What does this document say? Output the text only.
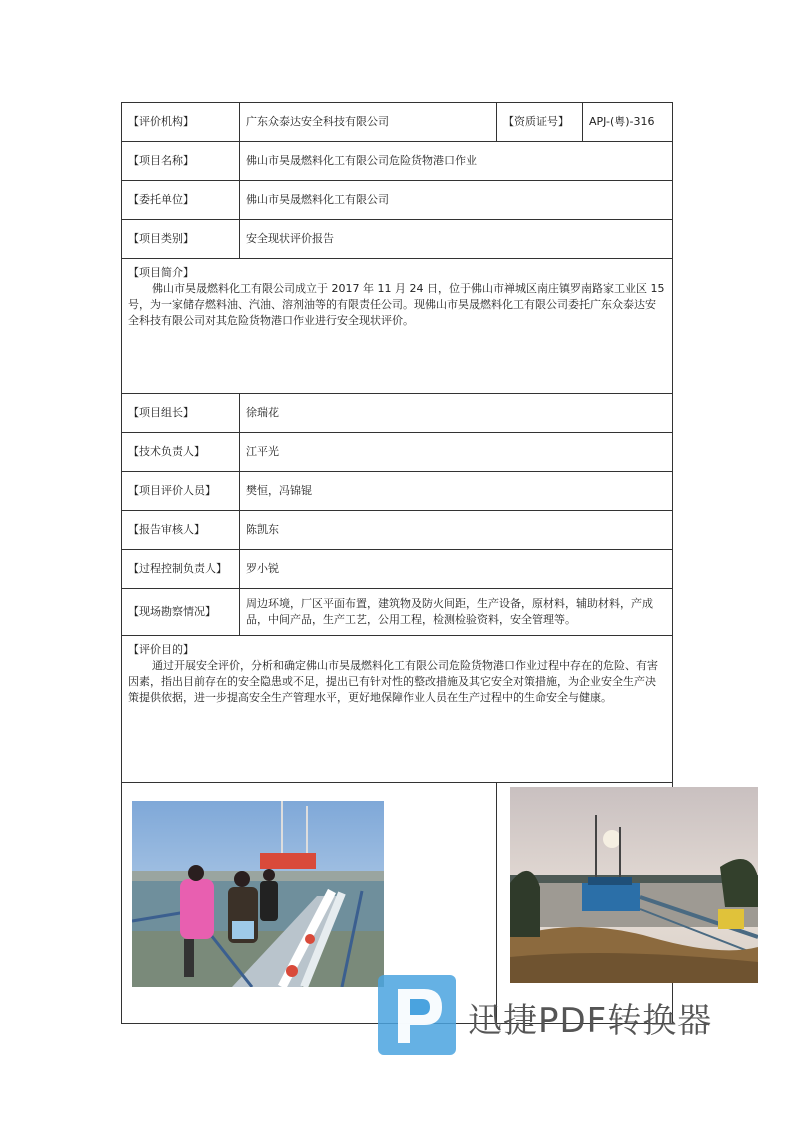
【评价机构】	广东众泰达安全科技有限公司	【资质证号】	APJ-(粤)-316
【项目名称】	佛山市昊晟燃料化工有限公司危险货物港口作业		
【委托单位】	佛山市昊晟燃料化工有限公司		
【项目类别】	安全现状评价报告		

【项目简介】

佛山市昊晟燃料化工有限公司成立于 2017 年 11 月 24 日，位于佛山市禅城区南庄镇罗南路家工业区 15 号，为一家储存燃料油、汽油、溶剂油等的有限责任公司。现佛山市昊晟燃料化工有限公司委托广东众泰达安全科技有限公司对其危险货物港口作业进行安全现状评价。			

【项目组长】	徐瑞花		
【技术负责人】	江平光		
【项目评价人员】	樊恒，冯锦锟		
【报告审核人】	陈凯东		
【过程控制负责人】	罗小锐		
【现场勘察情况】	周边环境，厂区平面布置，建筑物及防火间距，生产设备，原材料，辅助材料，产成品，中间产品，生产工艺，公用工程，检测检验资料，安全管理等。		

【评价目的】

通过开展安全评价，分析和确定佛山市昊晟燃料化工有限公司危险货物港口作业过程中存在的危险、有害因素，指出目前存在的安全隐患或不足，提出已有针对性的整改措施及其它安全对策措施，为企业安全生产决策提供依据，进一步提高安全生产管理水平，更好地保障作业人员在生产过程中的生命安全与健康。			

迅捷PDF转换器
